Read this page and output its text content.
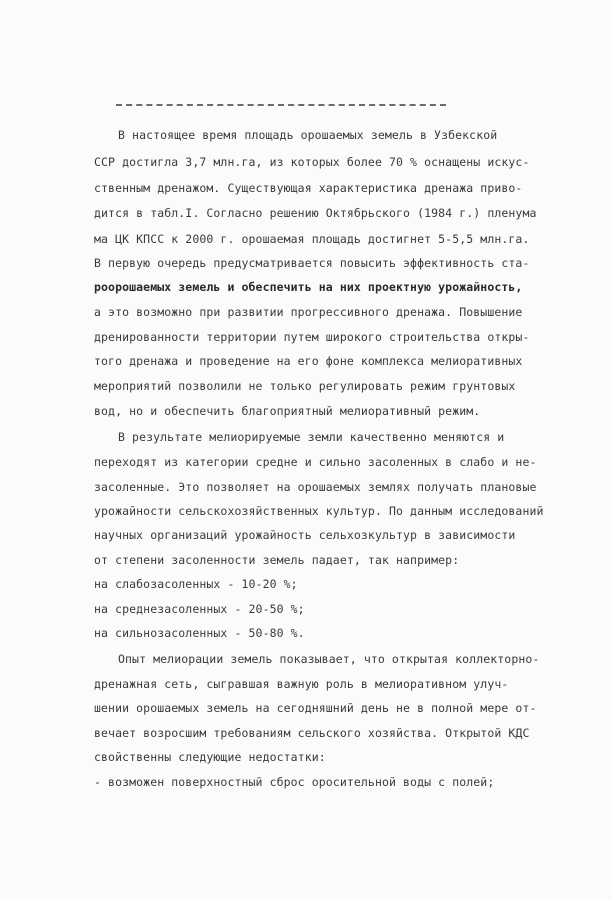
В настоящее время площадь орошаемых земель в Узбекской
ССР достигла 3,7 млн.га, из которых более 70 % оснащены искус-
ственным дренажом. Существующая характеристика дренажа приво-
дится в табл.I. Согласно решению Октябрьского (1984 г.) пленума
ма ЦК КПСС к 2000 г. орошаемая площадь достигнет 5-5,5 млн.га.
В первую очередь предусматривается повысить эффективность ста-
роорошаемых земель и обеспечить на них проектную урожайность,
а это возможно при развитии прогрессивного дренажа. Повышение
дренированности территории путем широкого строительства откры-
того дренажа и проведение на его фоне комплекса мелиоративных
мероприятий позволили не только регулировать режим грунтовых
вод, но и обеспечить благоприятный мелиоративный режим.
В результате мелиорируемые земли качественно меняются и
переходят из категории средне и сильно засоленных в слабо и не-
засоленные. Это позволяет на орошаемых землях получать плановые
урожайности сельскохозяйственных культур. По данным исследований
научных организаций урожайность сельхозкультур в зависимости
от степени засоленности земель падает, так например:
на слабозасоленных - 10-20 %;
на среднезасоленных - 20-50 %;
на сильнозасоленных - 50-80 %.
Опыт мелиорации земель показывает, что открытая коллекторно-
дренажная сеть, сыгравшая важную роль в мелиоративном улуч-
шении орошаемых земель на сегодняшний день не в полной мере от-
вечает возросшим требованиям сельского хозяйства. Открытой КДС
свойственны следующие недостатки:
- возможен поверхностный сброс оросительной воды с полей;
